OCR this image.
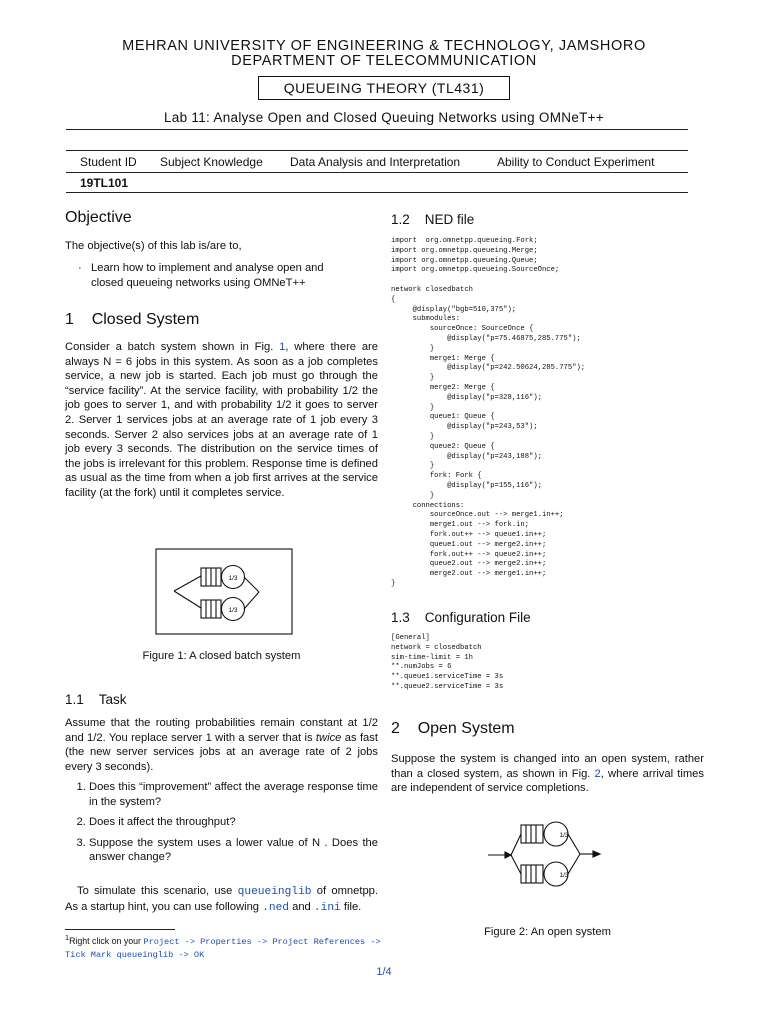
MEHRAN UNIVERSITY OF ENGINEERING & TECHNOLOGY, JAMSHORO
DEPARTMENT OF TELECOMMUNICATION
QUEUEING THEORY (TL431)
Lab 11: Analyse Open and Closed Queuing Networks using OMNeT++
Student ID Subject Knowledge Data Analysis and Interpretation	Ability to Conduct Experiment
19TL101
Objective
The objective(s) of this lab is/are to,
· Learn how to implement and analyse open and
closed queueing networks using OMNeT++
1 Closed System
Consider a batch system shown in Fig. 1, where there are always N = 6 jobs in this system. As soon as a job completes service, a new job is started. Each job must go through the “service facility”. At the service facility, with probability 1/2 the job goes to server 1, and with probability 1/2 it goes to server 2. Server 1 services jobs at an average rate of 1 job every 3 seconds. Server 2 also services jobs at an average rate of 1 job every 3 seconds. The distribution on the service times of the jobs is irrelevant for this problem. Response time is defined as usual as the time from when a job first arrives at the service facility (at the fork) until it completes service.
1/3
1/3
Figure 1: A closed batch system
1.1 Task
Assume that the routing probabilities remain constant at 1/2 and 1/2. You replace server 1 with a server that is twice as fast (the new server services jobs at an average rate of 2 jobs every 3 seconds).
1. Does this “improvement” affect the average response time in the system?
2. Does it affect the throughput?
3. Suppose the system uses a lower value of N . Does the answer change?
To simulate this scenario, use queueinglib of omnetpp. As a startup hint, you can use following .ned and .ini file.
$^1$Right click on your Project -> Properties -> Project References -> Tick Mark queueinglib -> OK
1.2 NED file
import  org.omnetpp.queueing.Fork;
import org.omnetpp.queueing.Merge;
import org.omnetpp.queueing.Queue;
import org.omnetpp.queueing.SourceOnce;

network closedbatch
{
@display("bgb=510,375");
submodules:
sourceOnce: SourceOnce {
@display("p=75.46875,285.775");
}
merge1: Merge {
@display("p=242.50624,285.775");
}
merge2: Merge {
@display("p=328,116");
}
queue1: Queue {
@display("p=243,53");
}
queue2: Queue {
@display("p=243,188");
}
fork: Fork {
@display("p=155,116");
}
connections:
sourceOnce.out --> merge1.in++;
merge1.out --> fork.in;
fork.out++ --> queue1.in++;
queue1.out --> merge2.in++;
fork.out++ --> queue2.in++;
queue2.out --> merge2.in++;
merge2.out --> merge1.in++;
}
1.3 Configuration File
[General]
network = closedbatch
sim-time-limit = 1h
**.numJobs = 6
**.queue1.serviceTime = 3s
**.queue2.serviceTime = 3s
2 Open System
Suppose the system is changed into an open system, rather than a closed system, as shown in Fig. 2, where arrival times are independent of service completions.
1/3
1/3
Figure 2: An open system
1/4
